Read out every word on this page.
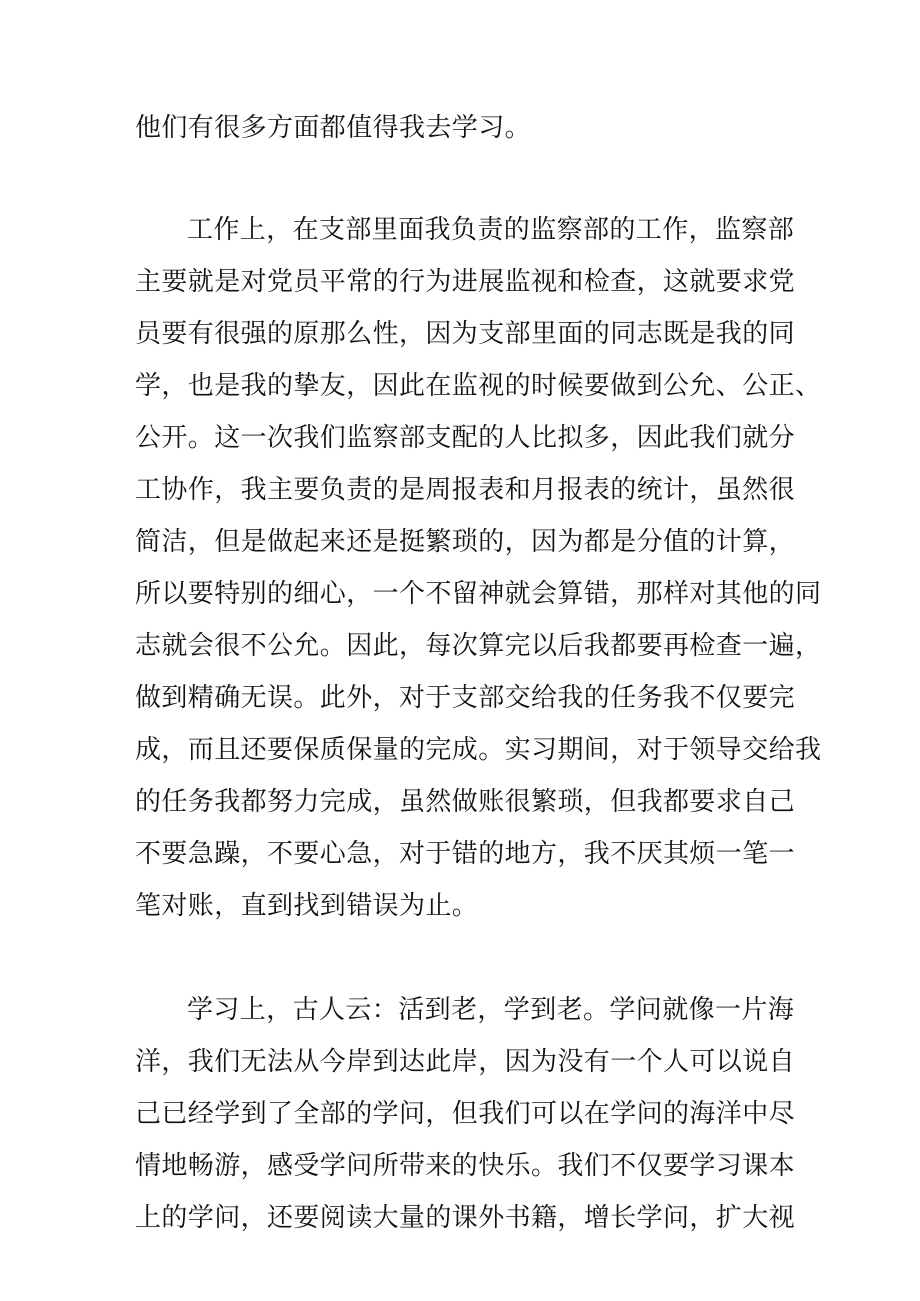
他们有很多方面都值得我去学习。

工作上，在支部里面我负责的监察部的工作，监察部

主要就是对党员平常的行为进展监视和检查，这就要求党

员要有很强的原那么性，因为支部里面的同志既是我的同

学，也是我的挚友，因此在监视的时候要做到公允、公正、

公开。这一次我们监察部支配的人比拟多，因此我们就分

工协作，我主要负责的是周报表和月报表的统计，虽然很

简洁，但是做起来还是挺繁琐的，因为都是分值的计算，

所以要特别的细心，一个不留神就会算错，那样对其他的同

志就会很不公允。因此，每次算完以后我都要再检查一遍，

做到精确无误。此外，对于支部交给我的任务我不仅要完

成，而且还要保质保量的完成。实习期间，对于领导交给我

的任务我都努力完成，虽然做账很繁琐，但我都要求自己

不要急躁，不要心急，对于错的地方，我不厌其烦一笔一

笔对账，直到找到错误为止。

学习上，古人云：活到老，学到老。学问就像一片海

洋，我们无法从今岸到达此岸，因为没有一个人可以说自

己已经学到了全部的学问，但我们可以在学问的海洋中尽

情地畅游，感受学问所带来的快乐。我们不仅要学习课本

上的学问，还要阅读大量的课外书籍，增长学问，扩大视
